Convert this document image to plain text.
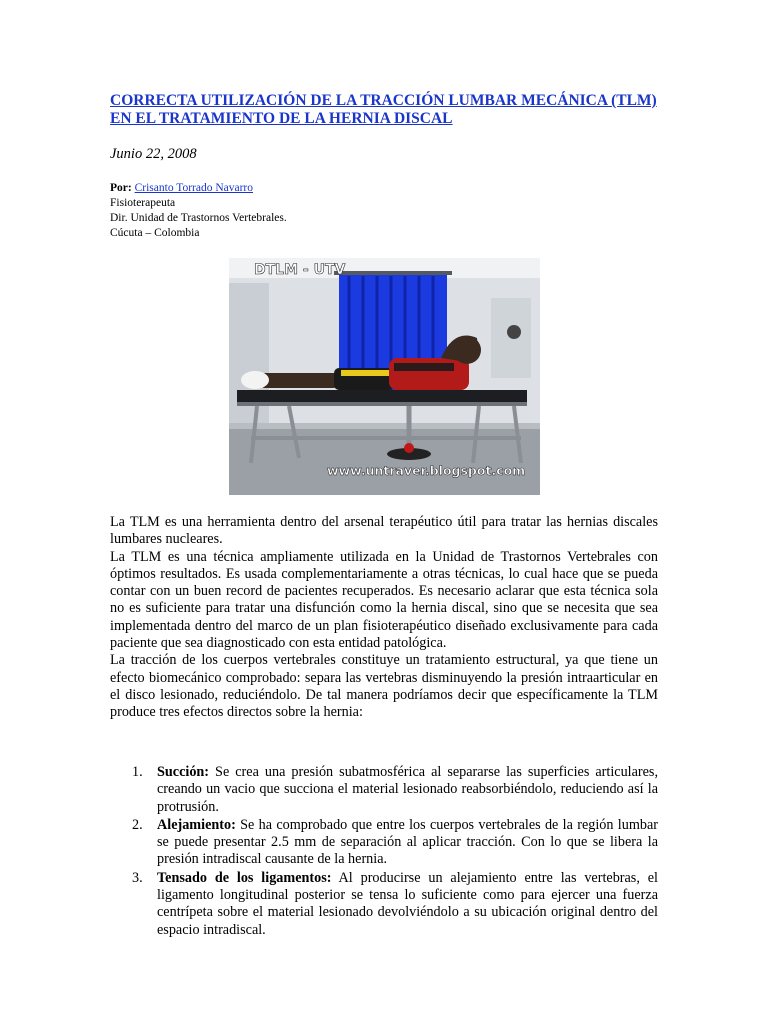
CORRECTA UTILIZACIÓN DE LA TRACCIÓN LUMBAR MECÁNICA (TLM) EN EL TRATAMIENTO DE LA HERNIA DISCAL

Junio 22, 2008

Por: Crisanto Torrado Navarro
Fisioterapeuta
Dir. Unidad de Trastornos Vertebrales.
Cúcuta – Colombia
DTLM - UTV
www.untraver.blogspot.com

La TLM es una herramienta dentro del arsenal terapéutico útil para tratar las hernias discales lumbares nucleares.

La TLM es una técnica ampliamente utilizada en la Unidad de Trastornos Vertebrales con óptimos resultados. Es usada complementariamente a otras técnicas, lo cual hace que se pueda contar con un buen record de pacientes recuperados. Es necesario aclarar que esta técnica sola no es suficiente para tratar una disfunción como la hernia discal, sino que se necesita que sea implementada dentro del marco de un plan fisioterapéutico diseñado exclusivamente para cada paciente que sea diagnosticado con esta entidad patológica.

La tracción de los cuerpos vertebrales constituye un tratamiento estructural, ya que tiene un efecto biomecánico comprobado: separa las vertebras disminuyendo la presión intraarticular en el disco lesionado, reduciéndolo. De tal manera podríamos decir que específicamente la TLM produce tres efectos directos sobre la hernia:

1. Succión: Se crea una presión subatmosférica al separarse las superficies articulares, creando un vacio que succiona el material lesionado reabsorbiéndolo, reduciendo así la protrusión.
2. Alejamiento: Se ha comprobado que entre los cuerpos vertebrales de la región lumbar se puede presentar 2.5 mm de separación al aplicar tracción. Con lo que se libera la presión intradiscal causante de la hernia.
3. Tensado de los ligamentos: Al producirse un alejamiento entre las vertebras, el ligamento longitudinal posterior se tensa lo suficiente como para ejercer una fuerza centrípeta sobre el material lesionado devolviéndolo a su ubicación original dentro del espacio intradiscal.
